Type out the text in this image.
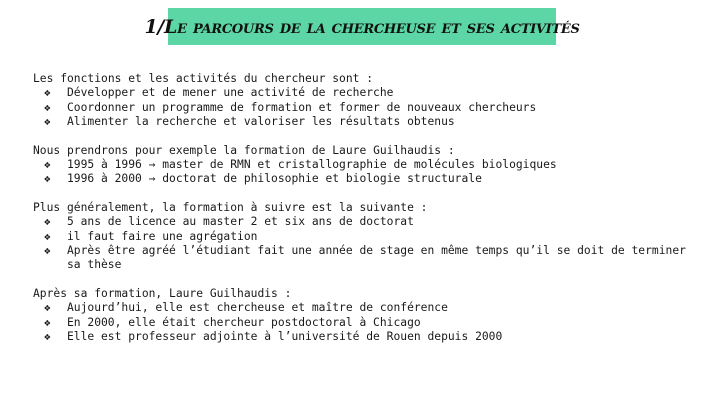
1/Le parcours de la chercheuse et ses activités
Les fonctions et les activités du chercheur sont :
❖ Développer et de mener une activité de recherche
❖ Coordonner un programme de formation et former de nouveaux chercheurs
❖ Alimenter la recherche et valoriser les résultats obtenus
Nous prendrons pour exemple la formation de Laure Guilhaudis :
❖ 1995 à 1996 → master de RMN et cristallographie de molécules biologiques
❖ 1996 à 2000 → doctorat de philosophie et biologie structurale
Plus généralement, la formation à suivre est la suivante :
❖ 5 ans de licence au master 2 et six ans de doctorat
❖ il faut faire une agrégation
❖ Après être agréé l’étudiant fait une année de stage en même temps qu’il se doit de terminer sa thèse
Après sa formation, Laure Guilhaudis :
❖ Aujourd’hui, elle est chercheuse et maître de conférence
❖ En 2000, elle était chercheur postdoctoral à Chicago
❖ Elle est professeur adjointe à l’université de Rouen depuis 2000
